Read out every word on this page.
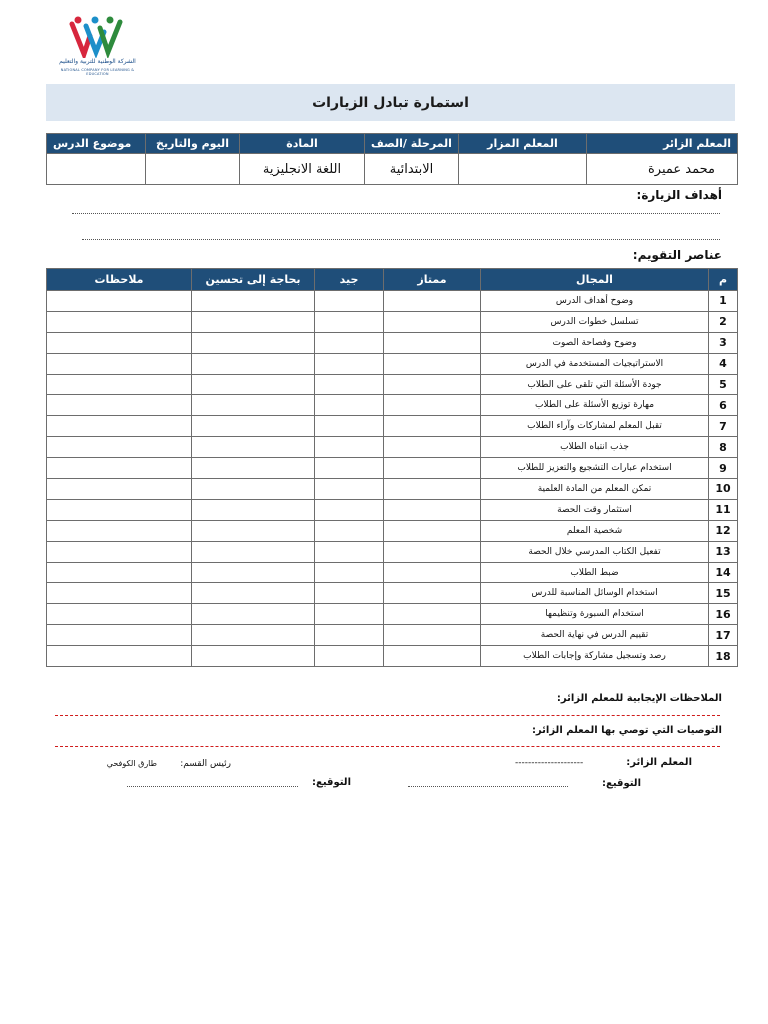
الشركة الوطنية للتربية والتعليم
NATIONAL COMPANY FOR LEARNING & EDUCATION
استمارة تبادل الزيارات
المعلم الزائر	المعلم المزار	المرحلة /الصف	المادة	اليوم والتاريخ	موضوع الدرس
محمد عميرة		الابتدائية	اللغة الانجليزية		
أهداف الزيارة:
عناصر التقويم:
م	المجال	ممتاز	جيد	بحاجة إلى تحسين	ملاحظات
1	وضوح أهداف الدرس				
2	تسلسل خطوات الدرس				
3	وضوح وفصاحة الصوت				
4	الاستراتيجيات المستخدمة في الدرس				
5	جودة الأسئلة التي تلقى على الطلاب				
6	مهارة توزيع الأسئلة على الطلاب				
7	تقبل المعلم لمشاركات وآراء الطلاب				
8	جذب انتباه الطلاب				
9	استخدام عبارات التشجيع والتعزيز للطلاب				
10	تمكن المعلم من المادة العلمية				
11	استثمار وقت الحصة				
12	شخصية المعلم				
13	تفعيل الكتاب المدرسي خلال الحصة				
14	ضبط الطلاب				
15	استخدام الوسائل المناسبة للدرس				
16	استخدام السبورة وتنظيمها				
17	تقييم الدرس في نهاية الحصة				
18	رصد وتسجيل مشاركة وإجابات الطلاب				
الملاحظات الإيجابية للمعلم الزائر:
التوصيات التي توصي بها المعلم الزائر:
المعلم الزائر:
---------------------
رئيس القسم:
طارق الكوفحي
التوقيع:
التوقيع:
